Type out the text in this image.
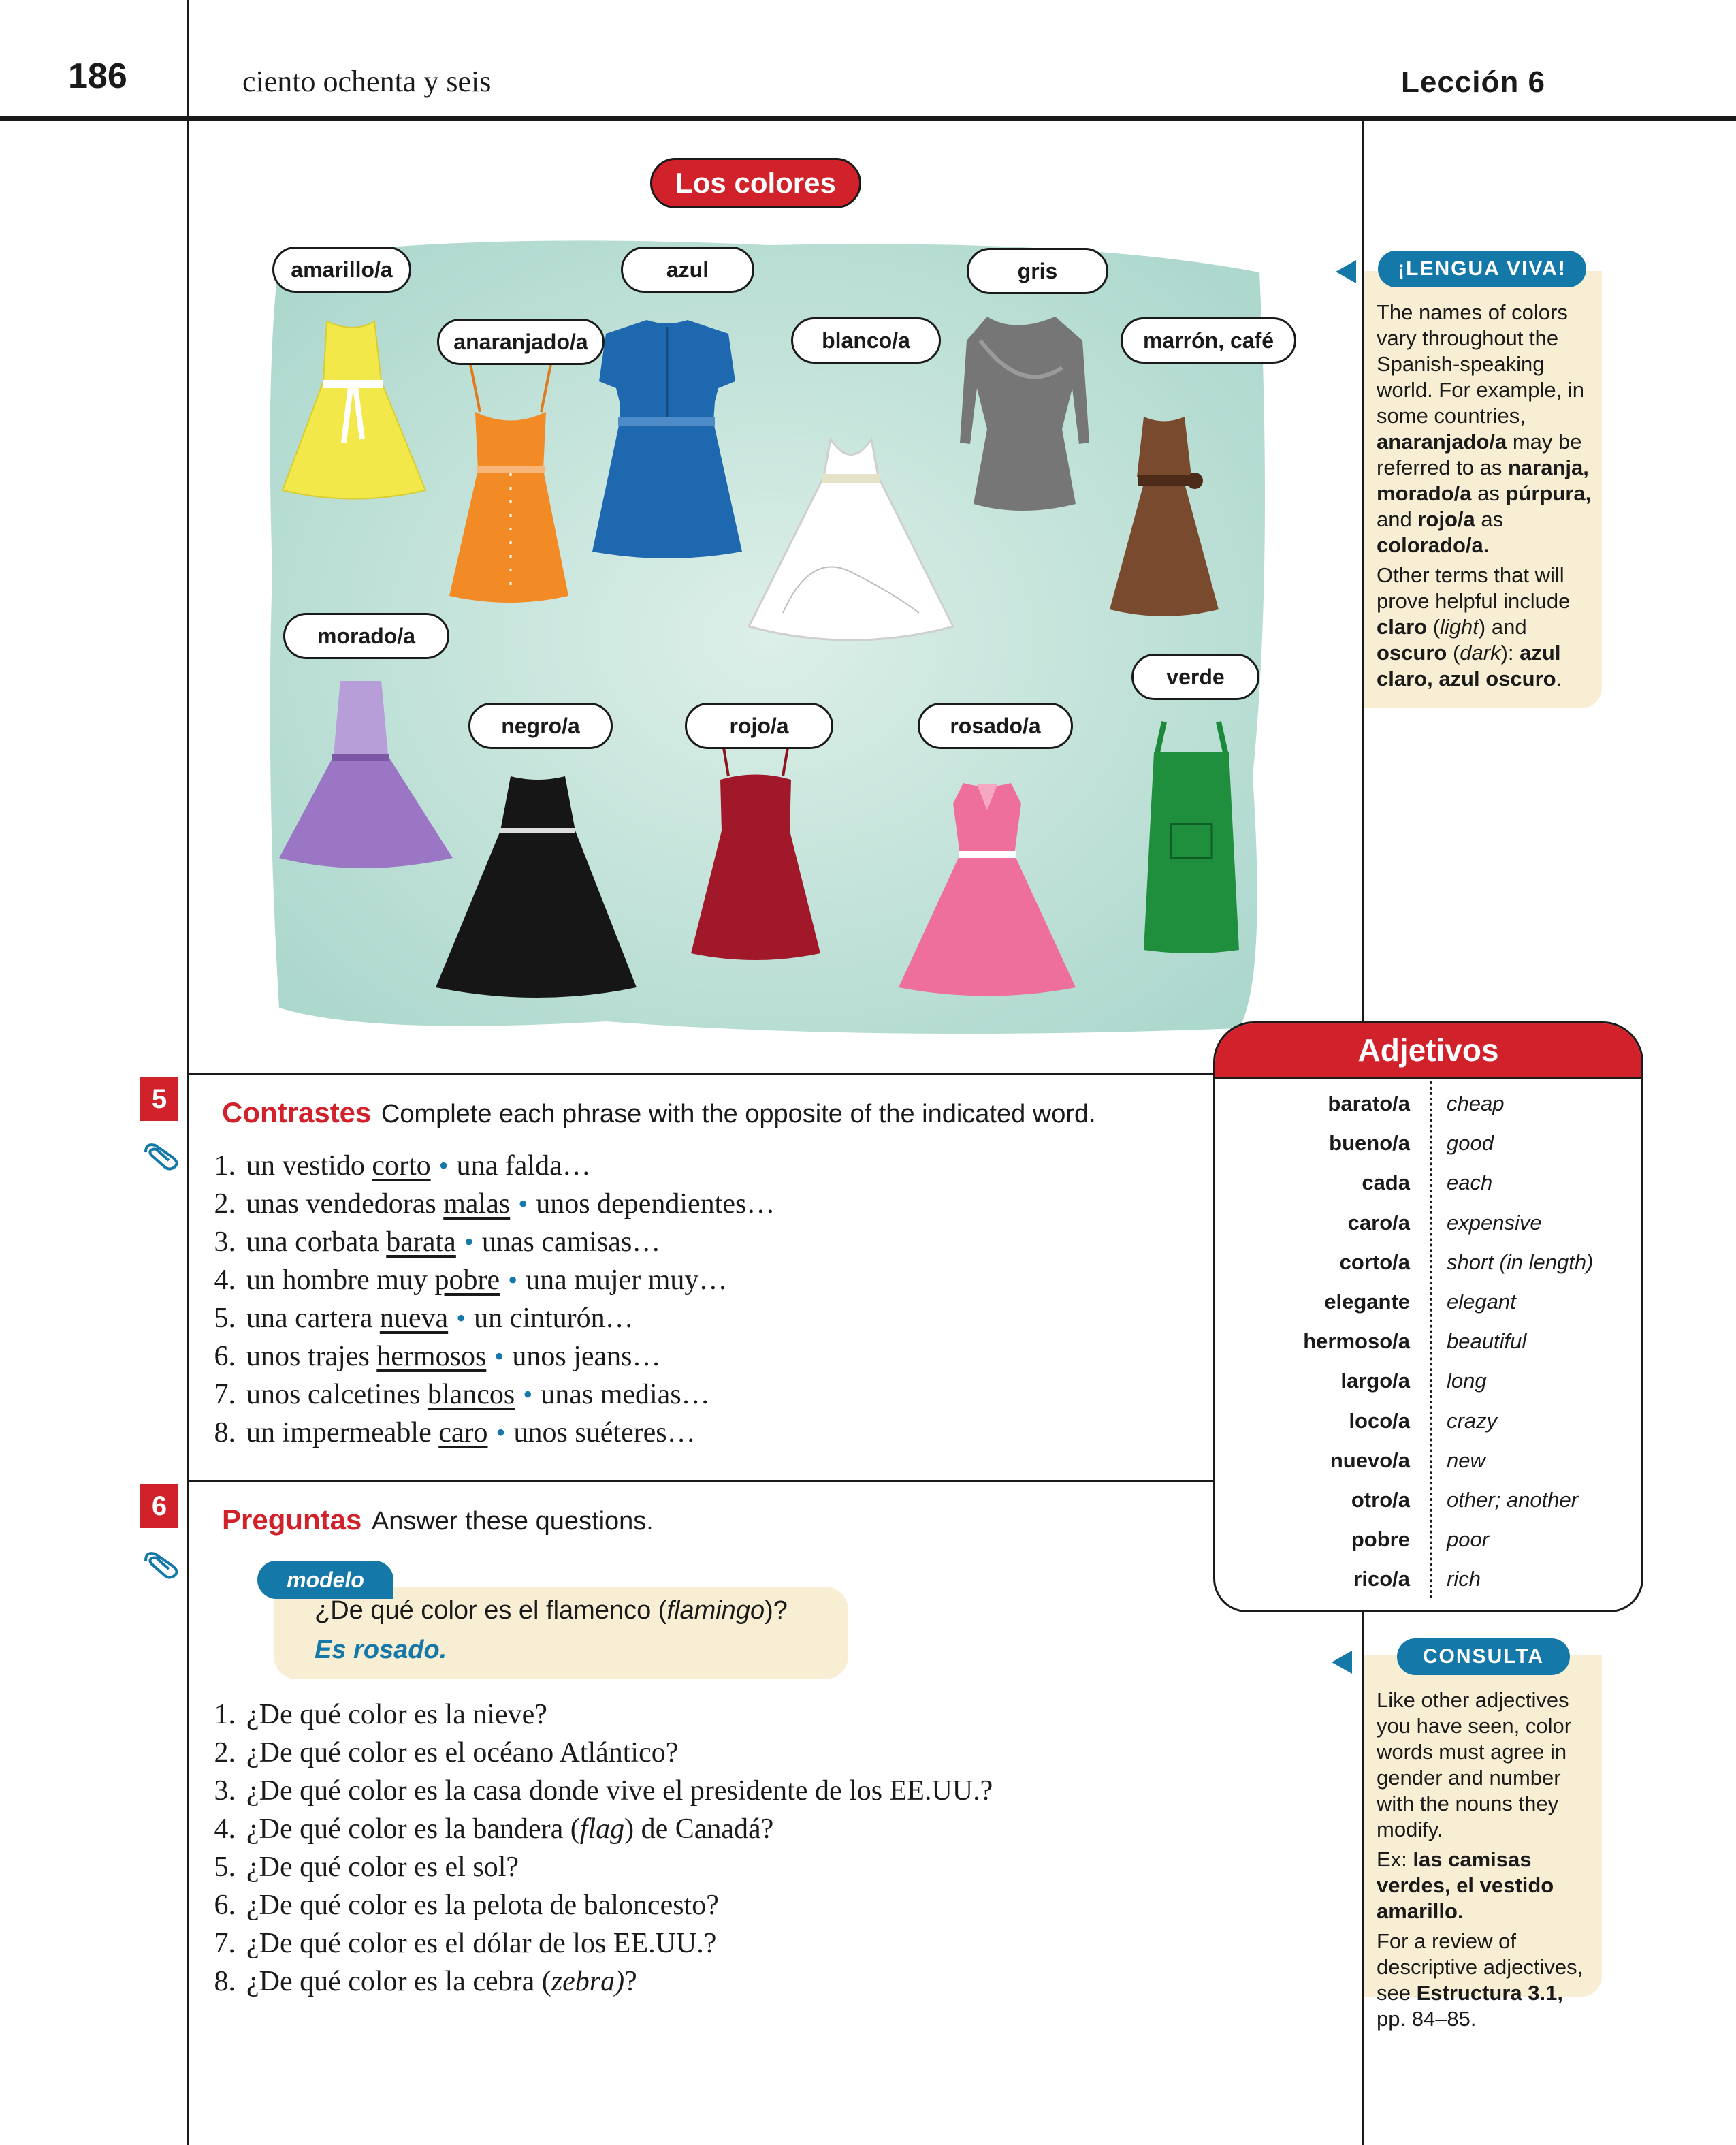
186	ciento ochenta y seis	Lección 6
Los colores
amarillo/a	azul	gris
anaranjado/a	blanco/a	marrón, café
morado/a
verde
negro/a	rojo/a	rosado/a
¡LENGUA VIVA!

The names of colors vary throughout the Spanish-speaking world. For example, in some countries, anaranjado/a may be referred to as naranja, morado/a as púrpura, and rojo/a as colorado/a.

Other terms that will prove helpful include claro (light) and oscuro (dark): azul claro, azul oscuro.

5	Contrastes Complete each phrase with the opposite of the indicated word.
1. un vestido corto • una falda…
2. unas vendedoras malas • unos dependientes…
3. una corbata barata • unas camisas…
4. un hombre muy pobre • una mujer muy…
5. una cartera nueva • un cinturón…
6. unos trajes hermosos • unos jeans…
7. unos calcetines blancos • unas medias…
8. un impermeable caro • unos suéteres…
6	Preguntas Answer these questions.
modelo
¿De qué color es el flamenco (flamingo)?
Es rosado.
1. ¿De qué color es la nieve?
2. ¿De qué color es el océano Atlántico?
3. ¿De qué color es la casa donde vive el presidente de los EE.UU.?
4. ¿De qué color es la bandera ( flag ) de Canadá?
5. ¿De qué color es el sol?
6. ¿De qué color es la pelota de baloncesto?
7. ¿De qué color es el dólar de los EE.UU.?
8. ¿De qué color es la cebra ( zebra) ?
Adjetivos
barato/a cheap
bueno/a good
cada each
caro/a expensive
corto/a short (in length)
elegante elegant
hermoso/a beautiful
largo/a long
loco/a crazy
nuevo/a new
otro/a other; another
pobre poor
rico/a rich
CONSULTA

Like other adjectives you have seen, color words must agree in gender and number with the nouns they modify.

Ex: las camisas verdes, el vestido amarillo.

For a review of descriptive adjectives, see Estructura 3.1, pp. 84–85.
